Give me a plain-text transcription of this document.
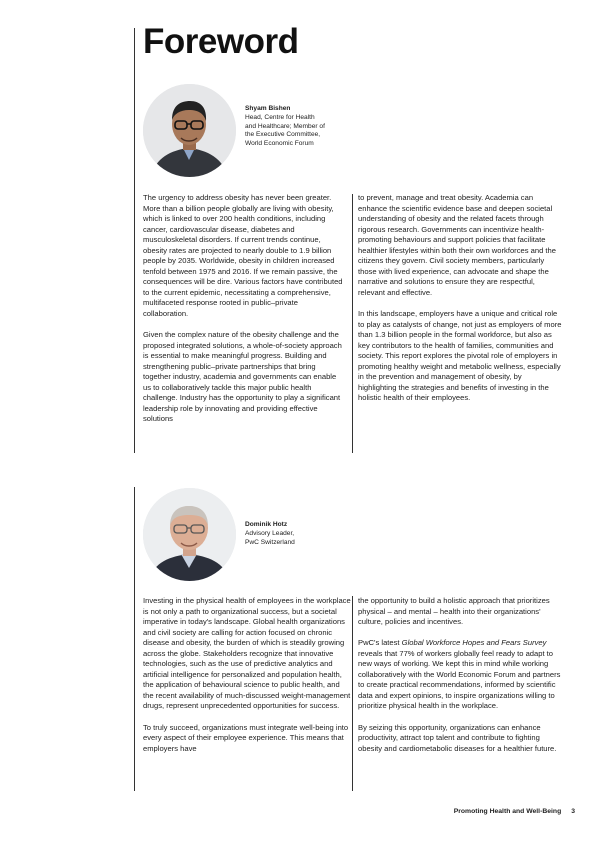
Foreword
Shyam Bishen
Head, Centre for Health
and Healthcare; Member of
the Executive Committee,
World Economic Forum

The urgency to address obesity has never been greater. More than a billion people globally are living with obesity, which is linked to over 200 health conditions, including cancer, cardiovascular disease, diabetes and musculoskeletal disorders. If current trends continue, obesity rates are projected to nearly double to 1.9 billion people by 2035. Worldwide, obesity in children increased tenfold between 1975 and 2016. If we remain passive, the consequences will be dire. Various factors have contributed to the current epidemic, necessitating a comprehensive, multifaceted response rooted in public–private collaboration.

Given the complex nature of the obesity challenge and the proposed integrated solutions, a whole-of-society approach is essential to make meaningful progress. Building and strengthening public–private partnerships that bring together industry, academia and governments can enable us to collaboratively tackle this major public health challenge. Industry has the opportunity to play a significant leadership role by innovating and providing effective solutions

to prevent, manage and treat obesity. Academia can enhance the scientific evidence base and deepen societal understanding of obesity and the related facets through rigorous research. Governments can incentivize health-promoting behaviours and support policies that facilitate healthier lifestyles within both their own workforces and the citizens they govern. Civil society members, particularly those with lived experience, can advocate and shape the narrative and solutions to ensure they are respectful, relevant and effective.

In this landscape, employers have a unique and critical role to play as catalysts of change, not just as employers of more than 1.3 billion people in the formal workforce, but also as key contributors to the health of families, communities and society. This report explores the pivotal role of employers in promoting healthy weight and metabolic wellness, especially in the prevention and management of obesity, by highlighting the strategies and benefits of investing in the holistic health of their employees.

Dominik Hotz
Advisory Leader,
PwC Switzerland

Investing in the physical health of employees in the workplace is not only a path to organizational success, but a societal imperative in today's landscape. Global health organizations and civil society are calling for action focused on chronic disease and obesity, the burden of which is steadily growing across the globe. Stakeholders recognize that innovative technologies, such as the use of predictive analytics and artificial intelligence for personalized and population health, the application of behavioural science to public health, and the recent availability of much-discussed weight-management drugs, represent unprecedented opportunities for success.

To truly succeed, organizations must integrate well-being into every aspect of their employee experience. This means that employers have

the opportunity to build a holistic approach that prioritizes physical – and mental – health into their organizations' culture, policies and incentives.

PwC's latest Global Workforce Hopes and Fears Survey reveals that 77% of workers globally feel ready to adapt to new ways of working. We kept this in mind while working collaboratively with the World Economic Forum and partners to create practical recommendations, informed by scientific data and expert opinions, to inspire organizations willing to prioritize physical health in the workplace.

By seizing this opportunity, organizations can enhance productivity, attract top talent and contribute to fighting obesity and cardiometabolic diseases for a healthier future.

Promoting Health and Well-Being 3
